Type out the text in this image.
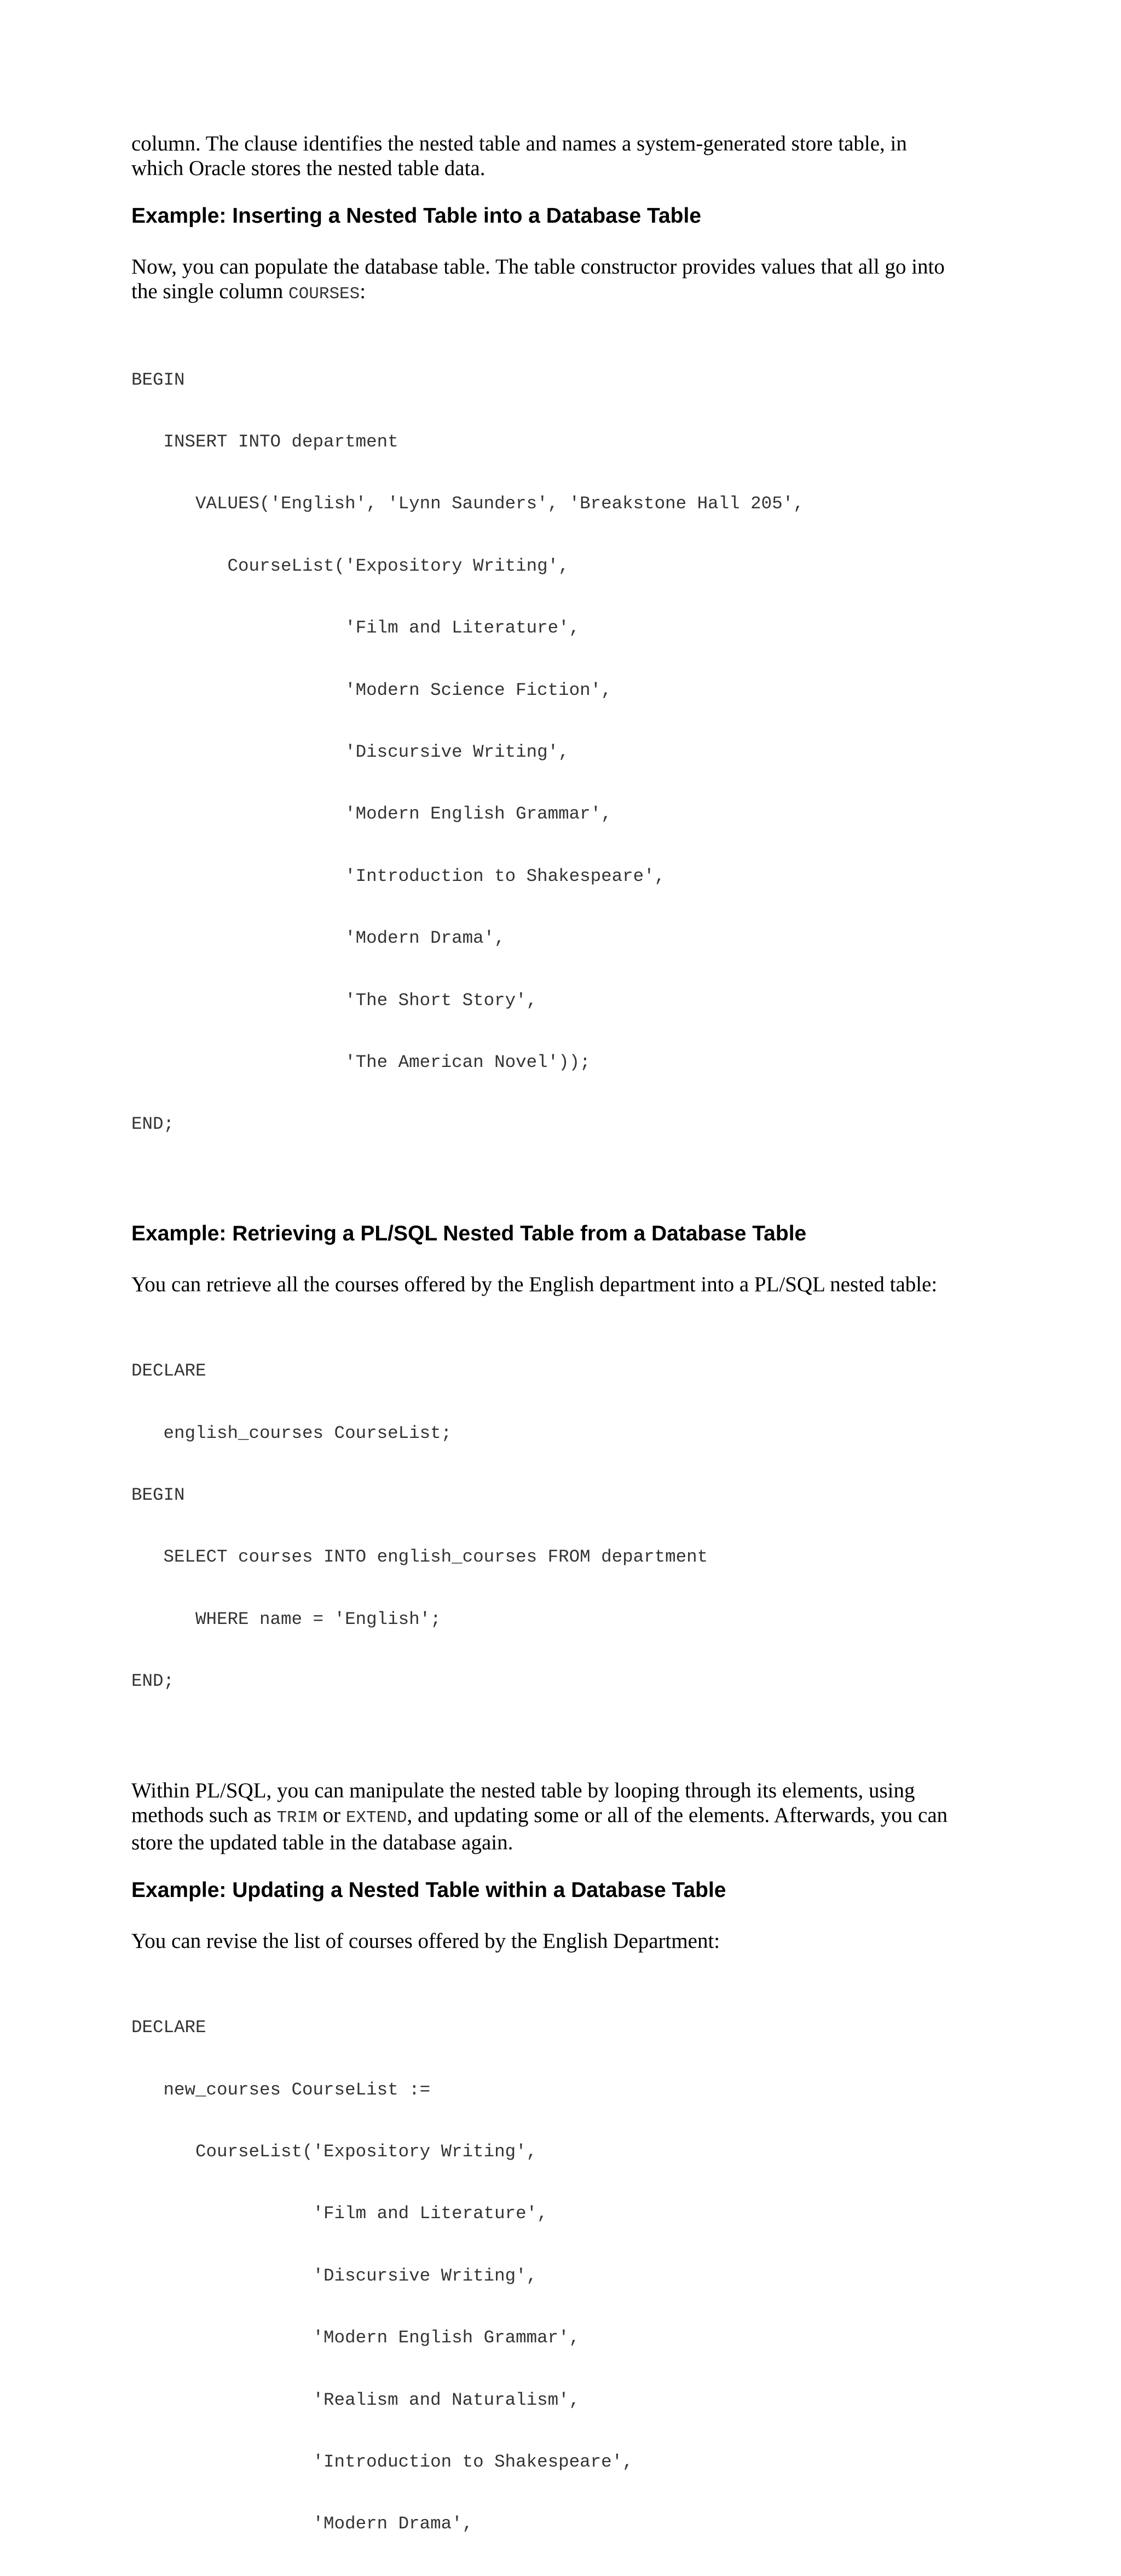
column. The clause identifies the nested table and names a system-generated store table, in
which Oracle stores the nested table data.

Example: Inserting a Nested Table into a Database Table

Now, you can populate the database table. The table constructor provides values that all go into
the single column COURSES:

BEGIN

INSERT INTO department

VALUES('English', 'Lynn Saunders', 'Breakstone Hall 205',

CourseList('Expository Writing',

'Film and Literature',

'Modern Science Fiction',

'Discursive Writing',

'Modern English Grammar',

'Introduction to Shakespeare',

'Modern Drama',

'The Short Story',

'The American Novel'));

END;

Example: Retrieving a PL/SQL Nested Table from a Database Table

You can retrieve all the courses offered by the English department into a PL/SQL nested table:

DECLARE

english_courses CourseList;

BEGIN

SELECT courses INTO english_courses FROM department

WHERE name = 'English';

END;

Within PL/SQL, you can manipulate the nested table by looping through its elements, using
methods such as TRIM or EXTEND, and updating some or all of the elements. Afterwards, you can
store the updated table in the database again.

Example: Updating a Nested Table within a Database Table

You can revise the list of courses offered by the English Department:

DECLARE

new_courses CourseList :=

CourseList('Expository Writing',

'Film and Literature',

'Discursive Writing',

'Modern English Grammar',

'Realism and Naturalism',

'Introduction to Shakespeare',

'Modern Drama',
